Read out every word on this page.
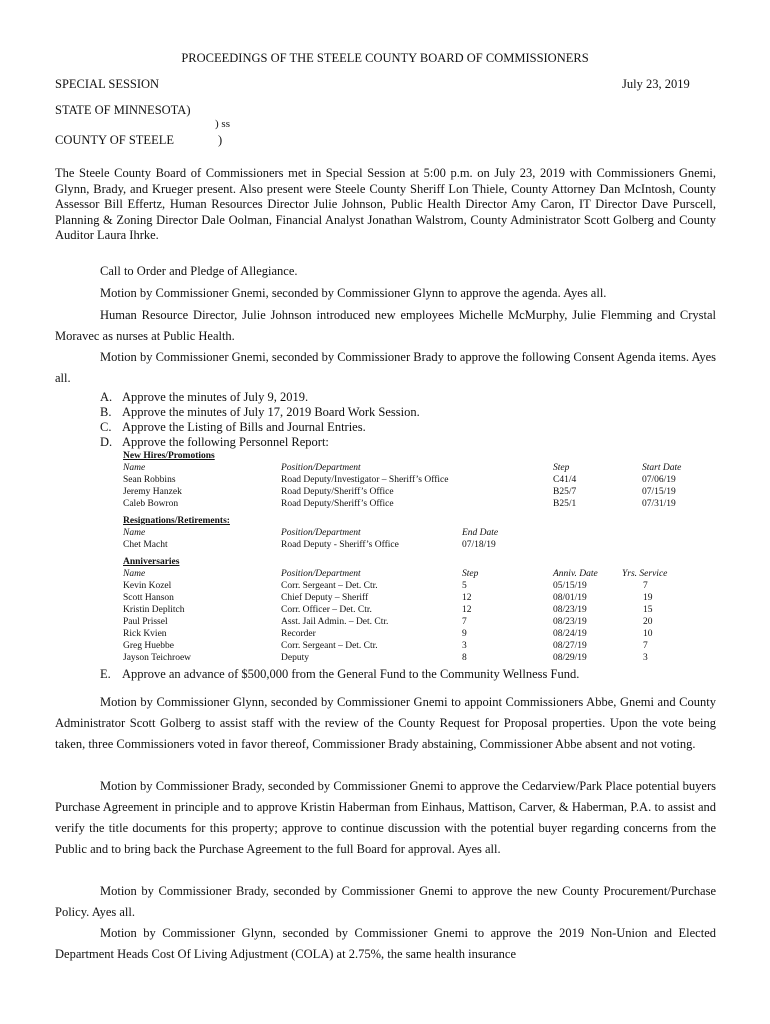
PROCEEDINGS OF THE STEELE COUNTY BOARD OF COMMISSIONERS
SPECIAL SESSION	July 23, 2019
STATE OF MINNESOTA)
) ss
COUNTY OF STEELE	)
The Steele County Board of Commissioners met in Special Session at 5:00 p.m. on July 23, 2019 with Commissioners Gnemi, Glynn, Brady, and Krueger present. Also present were Steele County Sheriff Lon Thiele, County Attorney Dan McIntosh, County Assessor Bill Effertz, Human Resources Director Julie Johnson, Public Health Director Amy Caron, IT Director Dave Purscell, Planning & Zoning Director Dale Oolman, Financial Analyst Jonathan Walstrom, County Administrator Scott Golberg and County Auditor Laura Ihrke.
Call to Order and Pledge of Allegiance.
Motion by Commissioner Gnemi, seconded by Commissioner Glynn to approve the agenda. Ayes all.
Human Resource Director, Julie Johnson introduced new employees Michelle McMurphy, Julie Flemming and Crystal Moravec as nurses at Public Health.
Motion by Commissioner Gnemi, seconded by Commissioner Brady to approve the following Consent Agenda items. Ayes all.
A. Approve the minutes of July 9, 2019.
B. Approve the minutes of July 17, 2019 Board Work Session.
C. Approve the Listing of Bills and Journal Entries.
D. Approve the following Personnel Report:
New Hires/Promotions
Name	Position/Department	Step	Start Date
Sean Robbins	Road Deputy/Investigator – Sheriff’s Office	C41/4	07/06/19
Jeremy Hanzek	Road Deputy/Sheriff’s Office	B25/7	07/15/19
Caleb Bowron	Road Deputy/Sheriff’s Office	B25/1	07/31/19
Resignations/Retirements:
Name	Position/Department	End Date
Chet Macht	Road Deputy - Sheriff’s Office	07/18/19
Anniversaries
Name	Position/Department	Step	Anniv. Date	Yrs. Service
Kevin Kozel	Corr. Sergeant – Det. Ctr.	5	05/15/19	7
Scott Hanson	Chief Deputy – Sheriff	12	08/01/19	19
Kristin Deplitch	Corr. Officer – Det. Ctr.	12	08/23/19	15
Paul Prissel	Asst. Jail Admin. – Det. Ctr.	7	08/23/19	20
Rick Kvien	Recorder	9	08/24/19	10
Greg Huebbe	Corr. Sergeant – Det. Ctr.	3	08/27/19	7
Jayson Teichroew	Deputy	8	08/29/19	3
E. Approve an advance of $500,000 from the General Fund to the Community Wellness Fund.
Motion by Commissioner Glynn, seconded by Commissioner Gnemi to appoint Commissioners Abbe, Gnemi and County Administrator Scott Golberg to assist staff with the review of the County Request for Proposal properties. Upon the vote being taken, three Commissioners voted in favor thereof, Commissioner Brady abstaining, Commissioner Abbe absent and not voting.
Motion by Commissioner Brady, seconded by Commissioner Gnemi to approve the Cedarview/Park Place potential buyers Purchase Agreement in principle and to approve Kristin Haberman from Einhaus, Mattison, Carver, & Haberman, P.A. to assist and verify the title documents for this property; approve to continue discussion with the potential buyer regarding concerns from the Public and to bring back the Purchase Agreement to the full Board for approval. Ayes all.
Motion by Commissioner Brady, seconded by Commissioner Gnemi to approve the new County Procurement/Purchase Policy. Ayes all.
Motion by Commissioner Glynn, seconded by Commissioner Gnemi to approve the 2019 Non-Union and Elected Department Heads Cost Of Living Adjustment (COLA) at 2.75%, the same health insurance
